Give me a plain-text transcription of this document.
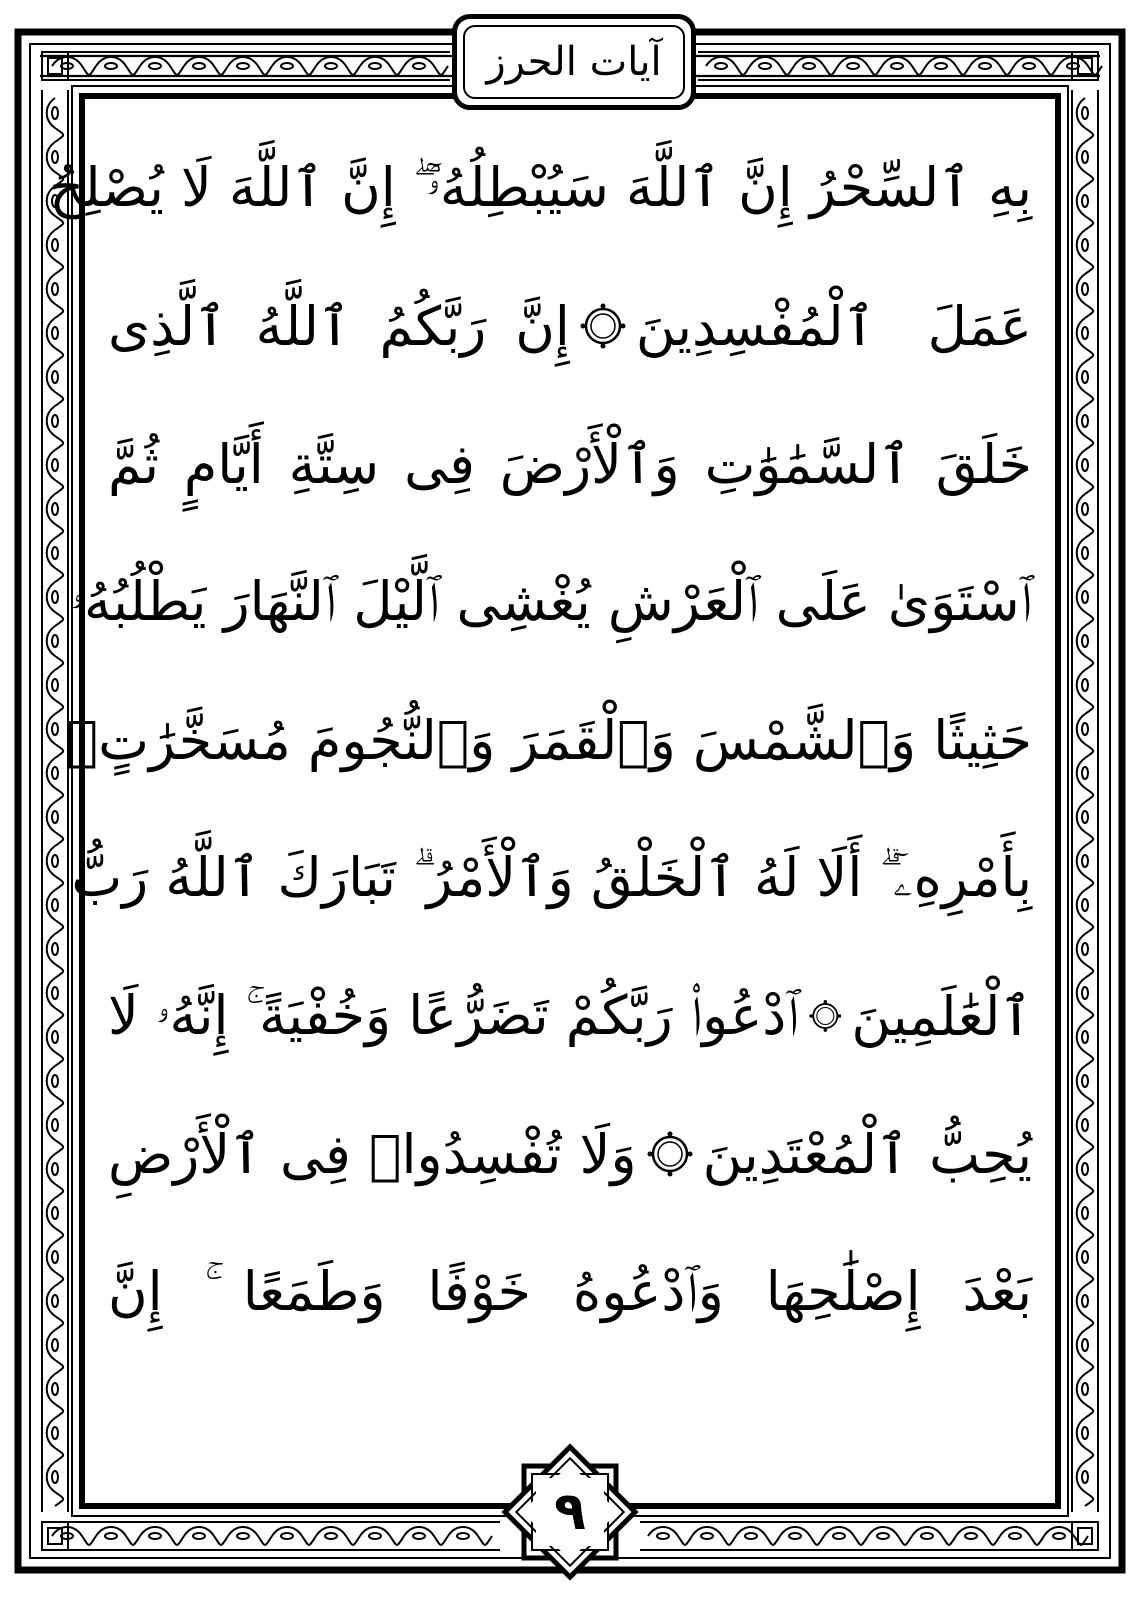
آيات الحرز
بِهِ ٱلسِّحْرُ إِنَّ ٱللَّهَ سَيُبْطِلُهُۥٓ ۖ إِنَّ ٱللَّهَ لَا يُصْلِحُ
عَمَلَ ٱلْمُفْسِدِينَ
إِنَّ رَبَّكُمُ ٱللَّهُ ٱلَّذِى
خَلَقَ ٱلسَّمَٰوَٰتِ وَٱلْأَرْضَ فِى سِتَّةِ أَيَّامٍ ثُمَّ
ٱسْتَوَىٰ عَلَى ٱلْعَرْشِ يُغْشِى ٱلَّيْلَ ٱلنَّهَارَ يَطْلُبُهُۥ
حَثِيثًا وَٱلشَّمْسَ وَٱلْقَمَرَ وَٱلنُّجُومَ مُسَخَّرَٰتٍۭ
بِأَمْرِهِۦٓ ۗ أَلَا لَهُ ٱلْخَلْقُ وَٱلْأَمْرُ ۗ تَبَارَكَ ٱللَّهُ رَبُّ
ٱلْعَٰلَمِينَ
ٱدْعُوا۟ رَبَّكُمْ تَضَرُّعًا وَخُفْيَةً ۚ إِنَّهُۥ لَا
يُحِبُّ ٱلْمُعْتَدِينَ
وَلَا تُفْسِدُوا۟ فِى ٱلْأَرْضِ
بَعْدَ إِصْلَٰحِهَا وَٱدْعُوهُ خَوْفًا وَطَمَعًا ۚ إِنَّ
٩
